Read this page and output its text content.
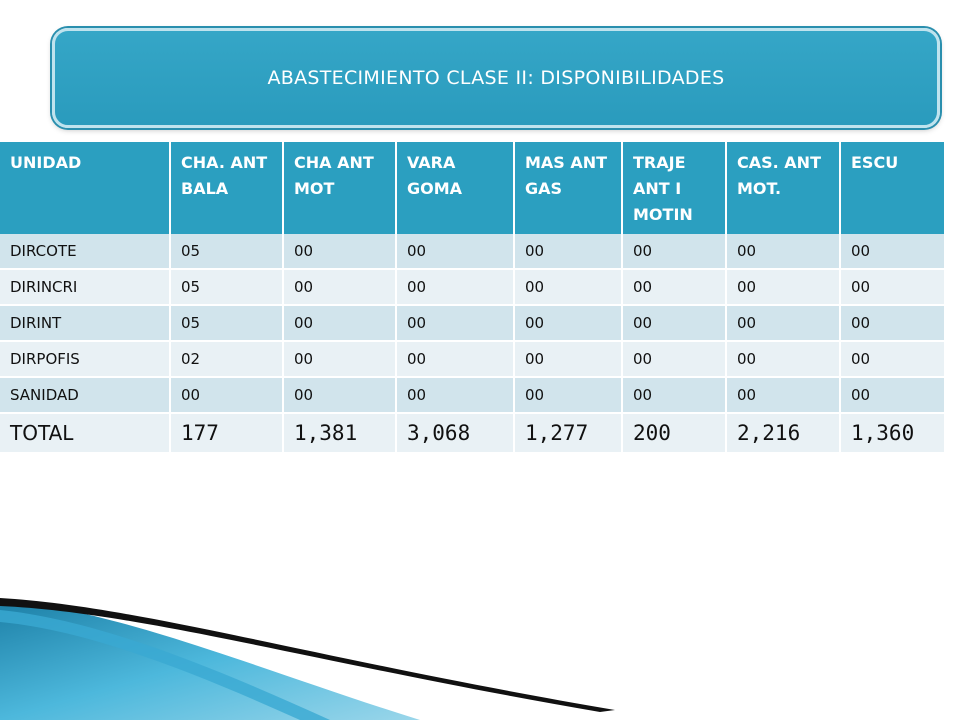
ABASTECIMIENTO CLASE II: DISPONIBILIDADES
UNIDAD	CHA. ANT BALA	CHA ANT MOT	VARA GOMA	MAS ANT GAS	TRAJE ANT I MOTIN	CAS. ANT MOT.	ESCU
DIRCOTE	05	00	00	00	00	00	00
DIRINCRI	05	00	00	00	00	00	00
DIRINT	05	00	00	00	00	00	00
DIRPOFIS	02	00	00	00	00	00	00
SANIDAD	00	00	00	00	00	00	00
TOTAL	177	1,381	3,068	1,277	200	2,216	1,360
